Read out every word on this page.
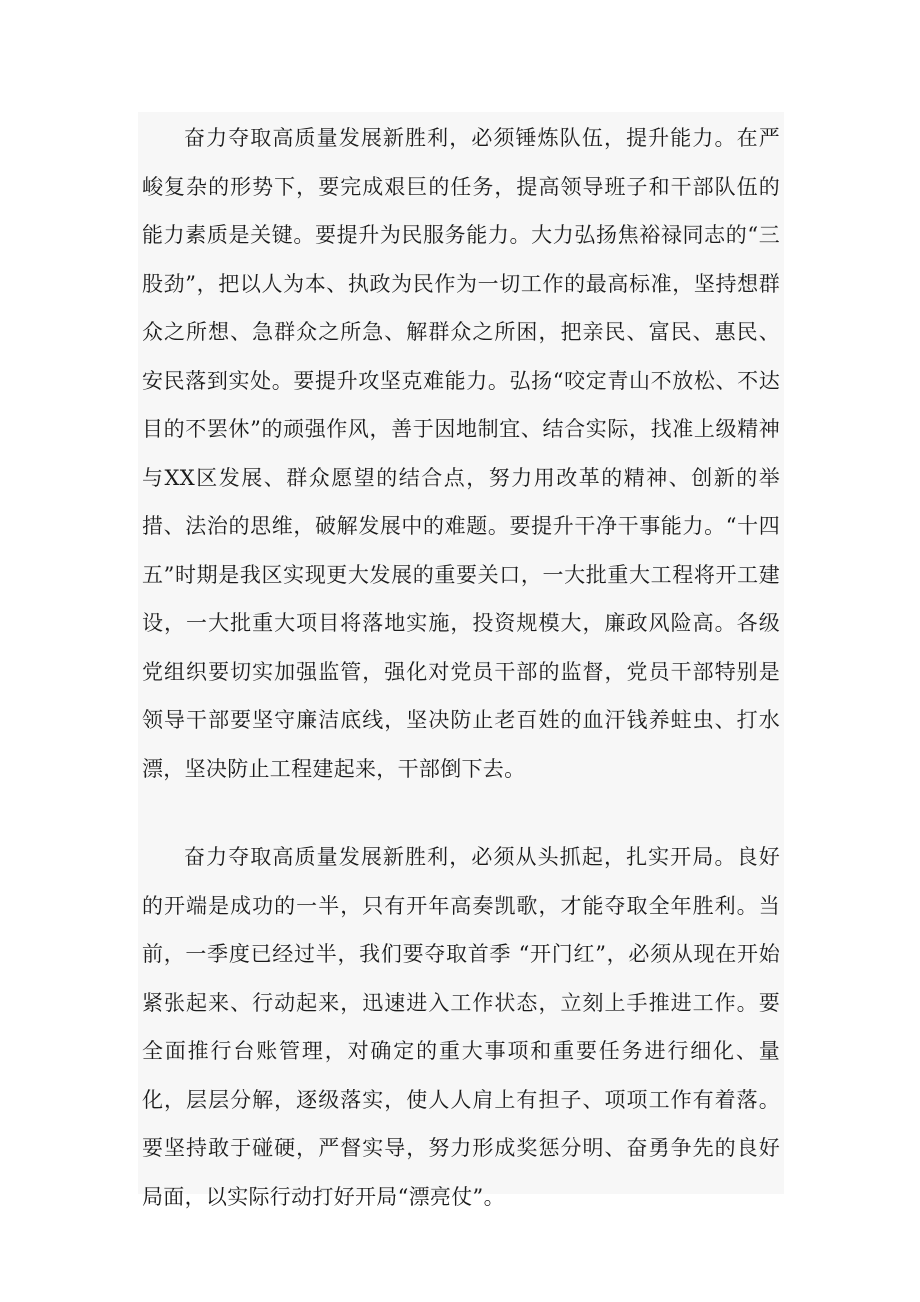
奋力夺取高质量发展新胜利，必须锤炼队伍，提升能力。在严峻复杂的形势下，要完成艰巨的任务，提高领导班子和干部队伍的能力素质是关键。要提升为民服务能力。大力弘扬焦裕禄同志的“三股劲”，把以人为本、执政为民作为一切工作的最高标准，坚持想群众之所想、急群众之所急、解群众之所困，把亲民、富民、惠民、安民落到实处。要提升攻坚克难能力。弘扬“咬定青山不放松、不达目的不罢休”的顽强作风，善于因地制宜、结合实际，找准上级精神与XX区发展、群众愿望的结合点，努力用改革的精神、创新的举措、法治的思维，破解发展中的难题。要提升干净干事能力。“十四五”时期是我区实现更大发展的重要关口，一大批重大工程将开工建设，一大批重大项目将落地实施，投资规模大，廉政风险高。各级党组织要切实加强监管，强化对党员干部的监督，党员干部特别是领导干部要坚守廉洁底线，坚决防止老百姓的血汗钱养蛀虫、打水漂，坚决防止工程建起来，干部倒下去。

奋力夺取高质量发展新胜利，必须从头抓起，扎实开局。良好的开端是成功的一半，只有开年高奏凯歌，才能夺取全年胜利。当前，一季度已经过半，我们要夺取首季 “开门红”，必须从现在开始紧张起来、行动起来，迅速进入工作状态，立刻上手推进工作。要全面推行台账管理，对确定的重大事项和重要任务进行细化、量化，层层分解，逐级落实，使人人肩上有担子、项项工作有着落。要坚持敢于碰硬，严督实导，努力形成奖惩分明、奋勇争先的良好局面，以实际行动打好开局“漂亮仗”。
